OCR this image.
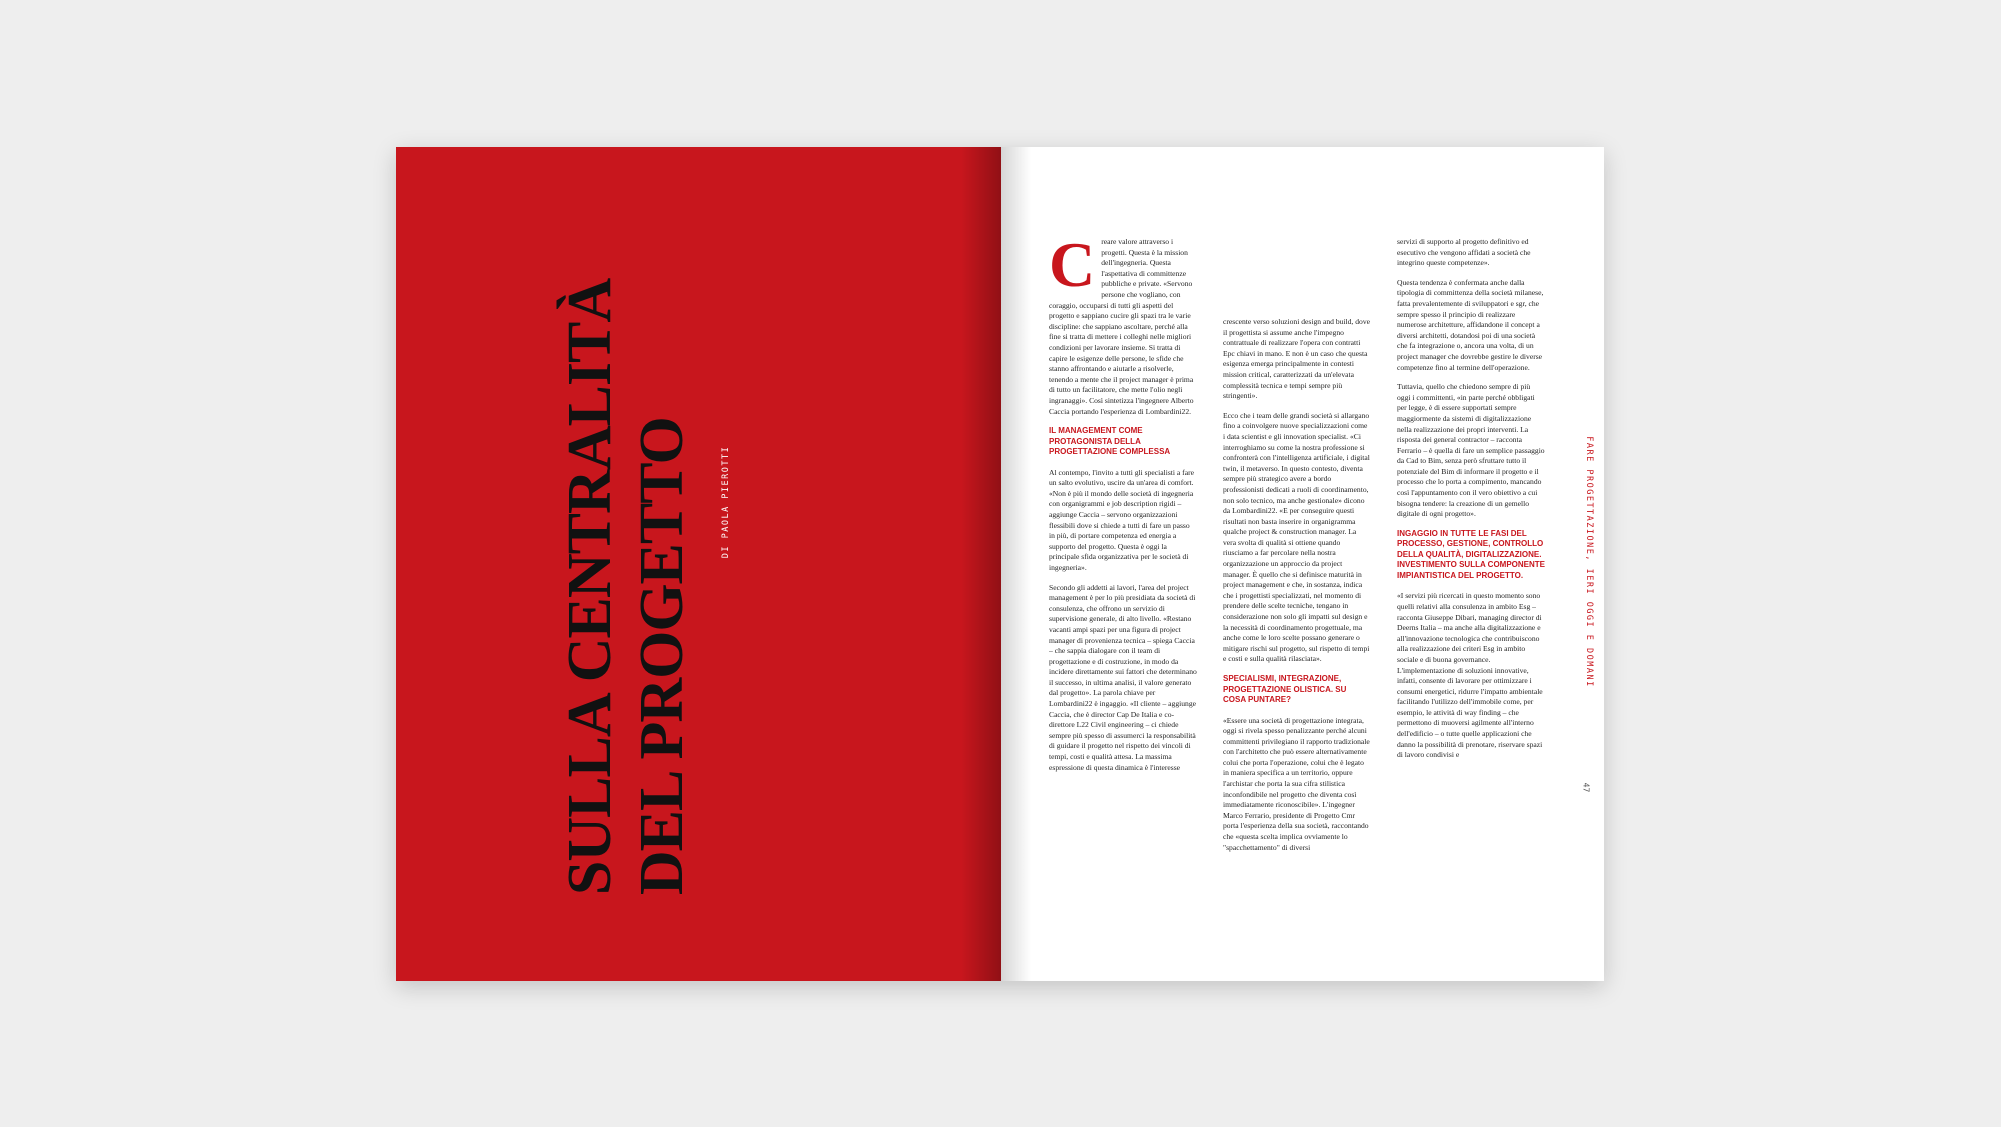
SULLA CENTRALITÀ DEL PROGETTO	DI PAOLA PIEROTTI

Creare valore attraverso i progetti. Questa è la mission dell'ingegneria. Questa l'aspettativa di committenze pubbliche e private. «Servono persone che vogliano, con coraggio, occuparsi di tutti gli aspetti del progetto e sappiano cucire gli spazi tra le varie discipline: che sappiano ascoltare, perché alla fine si tratta di mettere i colleghi nelle migliori condizioni per lavorare insieme. Si tratta di capire le esigenze delle persone, le sfide che stanno affrontando e aiutarle a risolverle, tenendo a mente che il project manager è prima di tutto un facilitatore, che mette l'olio negli ingranaggi». Così sintetizza l'ingegnere Alberto Caccia portando l'esperienza di Lombardini22.

IL MANAGEMENT COME PROTAGONISTA DELLA PROGETTAZIONE COMPLESSA

Al contempo, l'invito a tutti gli specialisti a fare un salto evolutivo, uscire da un'area di comfort. «Non è più il mondo delle società di ingegneria con organigrammi e job description rigidi – aggiunge Caccia – servono organizzazioni flessibili dove si chiede a tutti di fare un passo in più, di portare competenza ed energia a supporto del progetto. Questa è oggi la principale sfida organizzativa per le società di ingegneria».

Secondo gli addetti ai lavori, l'area del project management è per lo più presidiata da società di consulenza, che offrono un servizio di supervisione generale, di alto livello. «Restano vacanti ampi spazi per una figura di project manager di provenienza tecnica – spiega Caccia – che sappia dialogare con il team di progettazione e di costruzione, in modo da incidere direttamente sui fattori che determinano il successo, in ultima analisi, il valore generato dal progetto». La parola chiave per Lombardini22 è ingaggio. «Il cliente – aggiunge Caccia, che è director Cap De Italia e co-direttore L22 Civil engineering – ci chiede sempre più spesso di assumerci la responsabilità di guidare il progetto nel rispetto dei vincoli di tempi, costi e qualità attesa. La massima espressione di questa dinamica è l'interesse

crescente verso soluzioni design and build, dove il progettista si assume anche l'impegno contrattuale di realizzare l'opera con contratti Epc chiavi in mano. E non è un caso che questa esigenza emerga principalmente in contesti mission critical, caratterizzati da un'elevata complessità tecnica e tempi sempre più stringenti».

Ecco che i team delle grandi società si allargano fino a coinvolgere nuove specializzazioni come i data scientist e gli innovation specialist. «Ci interroghiamo su come la nostra professione si confronterà con l'intelligenza artificiale, i digital twin, il metaverso. In questo contesto, diventa sempre più strategico avere a bordo professionisti dedicati a ruoli di coordinamento, non solo tecnico, ma anche gestionale» dicono da Lombardini22. «E per conseguire questi risultati non basta inserire in organigramma qualche project & construction manager. La vera svolta di qualità si ottiene quando riusciamo a far percolare nella nostra organizzazione un approccio da project manager. È quello che si definisce maturità in project management e che, in sostanza, indica che i progettisti specializzati, nel momento di prendere delle scelte tecniche, tengano in considerazione non solo gli impatti sul design e la necessità di coordinamento progettuale, ma anche come le loro scelte possano generare o mitigare rischi sul progetto, sul rispetto di tempi e costi e sulla qualità rilasciata».

SPECIALISMI, INTEGRAZIONE, PROGETTAZIONE OLISTICA. SU COSA PUNTARE?

«Essere una società di progettazione integrata, oggi si rivela spesso penalizzante perché alcuni committenti privilegiano il rapporto tradizionale con l'architetto che può essere alternativamente colui che porta l'operazione, colui che è legato in maniera specifica a un territorio, oppure l'archistar che porta la sua cifra stilistica inconfondibile nel progetto che diventa così immediatamente riconoscibile». L'ingegner Marco Ferrario, presidente di Progetto Cmr porta l'esperienza della sua società, raccontando che «questa scelta implica ovviamente lo "spacchettamento" di diversi

servizi di supporto al progetto definitivo ed esecutivo che vengono affidati a società che integrino queste competenze».

Questa tendenza è confermata anche dalla tipologia di committenza della società milanese, fatta prevalentemente di sviluppatori e sgr, che sempre spesso il principio di realizzare numerose architetture, affidandone il concept a diversi architetti, dotandosi poi di una società che fa integrazione o, ancora una volta, di un project manager che dovrebbe gestire le diverse competenze fino al termine dell'operazione.

Tuttavia, quello che chiedono sempre di più oggi i committenti, «in parte perché obbligati per legge, è di essere supportati sempre maggiormente da sistemi di digitalizzazione nella realizzazione dei propri interventi. La risposta dei general contractor – racconta Ferrario – è quella di fare un semplice passaggio da Cad to Bim, senza però sfruttare tutto il potenziale del Bim di informare il progetto e il processo che lo porta a compimento, mancando così l'appuntamento con il vero obiettivo a cui bisogna tendere: la creazione di un gemello digitale di ogni progetto».

INGAGGIO IN TUTTE LE FASI DEL PROCESSO, GESTIONE, CONTROLLO DELLA QUALITÀ, DIGITALIZZAZIONE. INVESTIMENTO SULLA COMPONENTE IMPIANTISTICA DEL PROGETTO.

«I servizi più ricercati in questo momento sono quelli relativi alla consulenza in ambito Esg – racconta Giuseppe Dibari, managing director di Deerns Italia – ma anche alla digitalizzazione e all'innovazione tecnologica che contribuiscono alla realizzazione dei criteri Esg in ambito sociale e di buona governance. L'implementazione di soluzioni innovative, infatti, consente di lavorare per ottimizzare i consumi energetici, ridurre l'impatto ambientale facilitando l'utilizzo dell'immobile come, per esempio, le attività di way finding – che permettono di muoversi agilmente all'interno dell'edificio – o tutte quelle applicazioni che danno la possibilità di prenotare, riservare spazi di lavoro condivisi e

FARE PROGETTAZIONE, IERI OGGI E DOMANI
47
